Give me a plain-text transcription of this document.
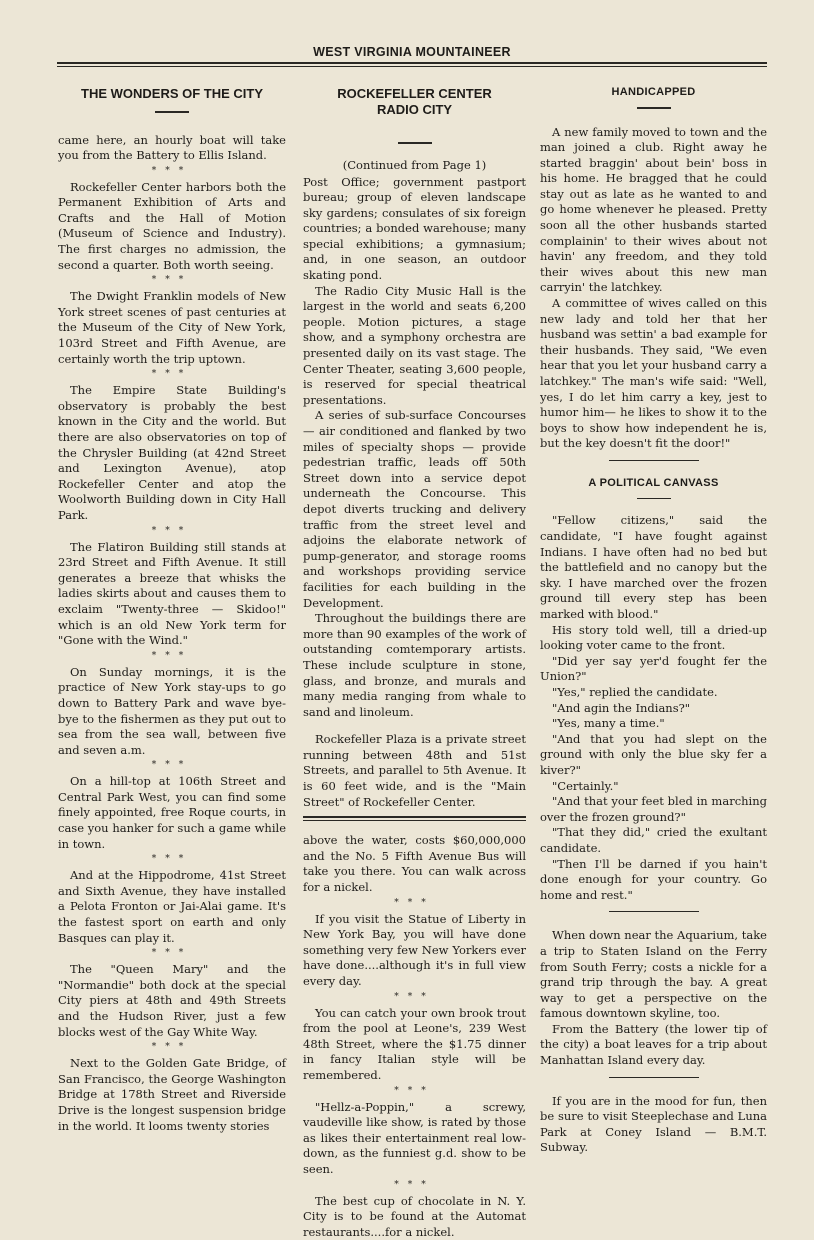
WEST VIRGINIA MOUNTAINEER
THE WONDERS OF THE CITY

came here, an hourly boat will take you from the Battery to Ellis Island.

***

Rockefeller Center harbors both the Permanent Exhibition of Arts and Crafts and the Hall of Motion (Museum of Science and Industry). The first charges no admission, the second a quarter. Both worth seeing.

***

The Dwight Franklin models of New York street scenes of past centuries at the Museum of the City of New York, 103rd Street and Fifth Avenue, are certainly worth the trip uptown.

***

The Empire State Building's observatory is probably the best known in the City and the world. But there are also observatories on top of the Chrysler Building (at 42nd Street and Lexington Avenue), atop Rockefeller Center and atop the Woolworth Building down in City Hall Park.

***

The Flatiron Building still stands at 23rd Street and Fifth Avenue. It still generates a breeze that whisks the ladies skirts about and causes them to exclaim "Twenty-three — Skidoo!" which is an old New York term for "Gone with the Wind."

***

On Sunday mornings, it is the practice of New York stay-ups to go down to Battery Park and wave bye-bye to the fishermen as they put out to sea from the sea wall, between five and seven a.m.

***

On a hill-top at 106th Street and Central Park West, you can find some finely appointed, free Roque courts, in case you hanker for such a game while in town.

***

And at the Hippodrome, 41st Street and Sixth Avenue, they have installed a Pelota Fronton or Jai-Alai game. It's the fastest sport on earth and only Basques can play it.

***

The "Queen Mary" and the "Normandie" both dock at the special City piers at 48th and 49th Streets and the Hudson River, just a few blocks west of the Gay White Way.

***

Next to the Golden Gate Bridge, of San Francisco, the George Washington Bridge at 178th Street and Riverside Drive is the longest suspension bridge in the world. It looms twenty stories

ROCKEFELLER CENTER RADIO CITY
(Continued from Page 1)

Post Office; government pastport bureau; group of eleven landscape sky gardens; consulates of six foreign countries; a bonded warehouse; many special exhibitions; a gymnasium; and, in one season, an outdoor skating pond.

The Radio City Music Hall is the largest in the world and seats 6,200 people. Motion pictures, a stage show, and a symphony orchestra are presented daily on its vast stage. The Center Theater, seating 3,600 people, is reserved for special theatrical presentations.

A series of sub-surface Concourses — air conditioned and flanked by two miles of specialty shops — provide pedestrian traffic, leads off 50th Street down into a service depot underneath the Concourse. This depot diverts trucking and delivery traffic from the street level and adjoins the elaborate network of pump-generator, and storage rooms and workshops providing service facilities for each building in the Development.

Throughout the buildings there are more than 90 examples of the work of outstanding comtemporary artists. These include sculpture in stone, glass, and bronze, and murals and many media ranging from whale to sand and linoleum.

Rockefeller Plaza is a private street running between 48th and 51st Streets, and parallel to 5th Avenue. It is 60 feet wide, and is the "Main Street" of Rockefeller Center.

above the water, costs $60,000,000 and the No. 5 Fifth Avenue Bus will take you there. You can walk across for a nickel.

***

If you visit the Statue of Liberty in New York Bay, you will have done something very few New Yorkers ever have done....although it's in full view every day.

***

You can catch your own brook trout from the pool at Leone's, 239 West 48th Street, where the $1.75 dinner in fancy Italian style will be remembered.

***

"Hellz-a-Poppin," a screwy, vaudeville like show, is rated by those as likes their entertainment real low-down, as the funniest g.d. show to be seen.

***

The best cup of chocolate in N. Y. City is to be found at the Automat restaurants....for a nickel.

HANDICAPPED

A new family moved to town and the man joined a club. Right away he started braggin' about bein' boss in his home. He bragged that he could stay out as late as he wanted to and go home whenever he pleased. Pretty soon all the other husbands started complainin' to their wives about not havin' any freedom, and they told their wives about this new man carryin' the latchkey.

A committee of wives called on this new lady and told her that her husband was settin' a bad example for their husbands. They said, "We even hear that you let your husband carry a latchkey." The man's wife said: "Well, yes, I do let him carry a key, jest to humor him— he likes to show it to the boys to show how independent he is, but the key doesn't fit the door!"

A POLITICAL CANVASS

"Fellow citizens," said the candidate, "I have fought against Indians. I have often had no bed but the battlefield and no canopy but the sky. I have marched over the frozen ground till every step has been marked with blood."

His story told well, till a dried-up looking voter came to the front.

"Did yer say yer'd fought fer the Union?"

"Yes," replied the candidate.

"And agin the Indians?"

"Yes, many a time."

"And that you had slept on the ground with only the blue sky fer a kiver?"

"Certainly."

"And that your feet bled in marching over the frozen ground?"

"That they did," cried the exultant candidate.

"Then I'll be darned if you hain't done enough for your country. Go home and rest."

When down near the Aquarium, take a trip to Staten Island on the Ferry from South Ferry; costs a nickle for a grand trip through the bay. A great way to get a perspective on the famous downtown skyline, too.

From the Battery (the lower tip of the city) a boat leaves for a trip about Manhattan Island every day.

If you are in the mood for fun, then be sure to visit Steeplechase and Luna Park at Coney Island — B.M.T. Subway.
